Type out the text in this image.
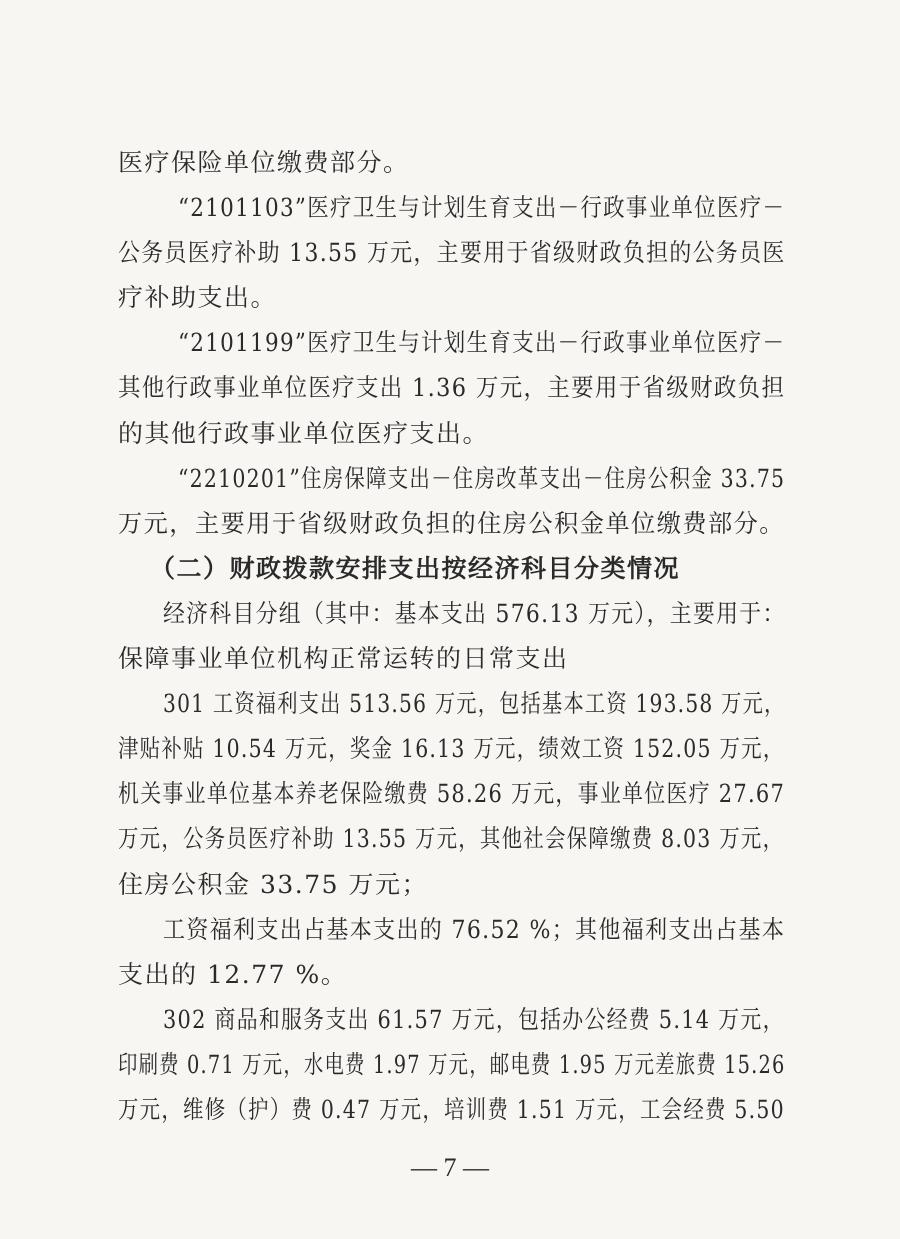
医疗保险单位缴费部分。
“2101103”医疗卫生与计划生育支出－行政事业单位医疗－
公务员医疗补助 13.55 万元，主要用于省级财政负担的公务员医
疗补助支出。
“2101199”医疗卫生与计划生育支出－行政事业单位医疗－
其他行政事业单位医疗支出 1.36 万元，主要用于省级财政负担
的其他行政事业单位医疗支出。
“2210201”住房保障支出－住房改革支出－住房公积金 33.75
万元，主要用于省级财政负担的住房公积金单位缴费部分。
（二）财政拨款安排支出按经济科目分类情况
经济科目分组（其中：基本支出 576.13 万元），主要用于：
保障事业单位机构正常运转的日常支出
301 工资福利支出 513.56 万元，包括基本工资 193.58 万元，
津贴补贴 10.54 万元，奖金 16.13 万元，绩效工资 152.05 万元，
机关事业单位基本养老保险缴费 58.26 万元，事业单位医疗 27.67
万元，公务员医疗补助 13.55 万元，其他社会保障缴费 8.03 万元，
住房公积金 33.75 万元；
工资福利支出占基本支出的 76.52 %；其他福利支出占基本
支出的 12.77 %。
302 商品和服务支出 61.57 万元，包括办公经费 5.14 万元，
印刷费 0.71 万元，水电费 1.97 万元，邮电费 1.95 万元差旅费 15.26
万元，维修（护）费 0.47 万元，培训费 1.51 万元，工会经费 5.50
— 7 —
